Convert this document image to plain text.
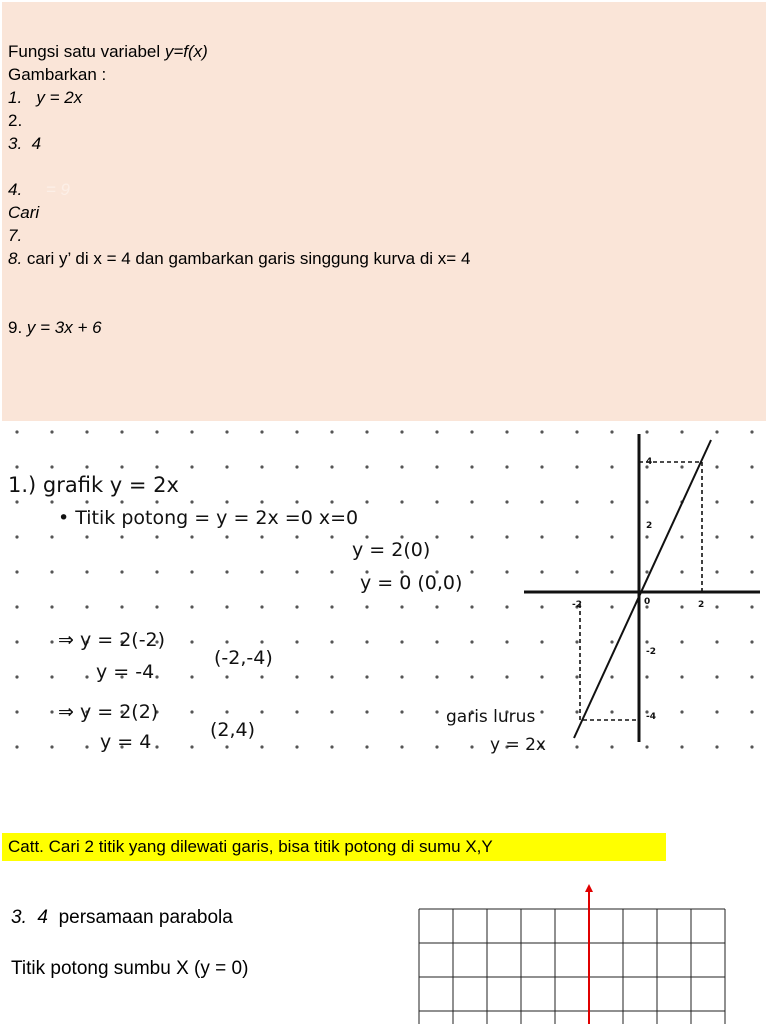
Fungsi satu variabel y=f(x)
Gambarkan :
1. y = 2x
2.
3. 4
4. = 9
Cari
7.
8. cari y’ di x = 4 dan gambarkan garis singgung kurva di x= 4
9. y = 3x + 6
1.) grafik y = 2x
• Titik potong = y = 2x =0 x=0
y = 2(0)
y = 0 (0,0)
⇒ y = 2(-2)
y = -4
(-2,-4)
⇒ y = 2(2)
y = 4
(2,4)
garis lurus
y = 2x
4
2
-2
-4
-2	0	2
Catt. Cari 2 titik yang dilewati garis, bisa titik potong di sumu X,Y
3. 4 persamaan parabola
Titik potong sumbu X (y = 0)
